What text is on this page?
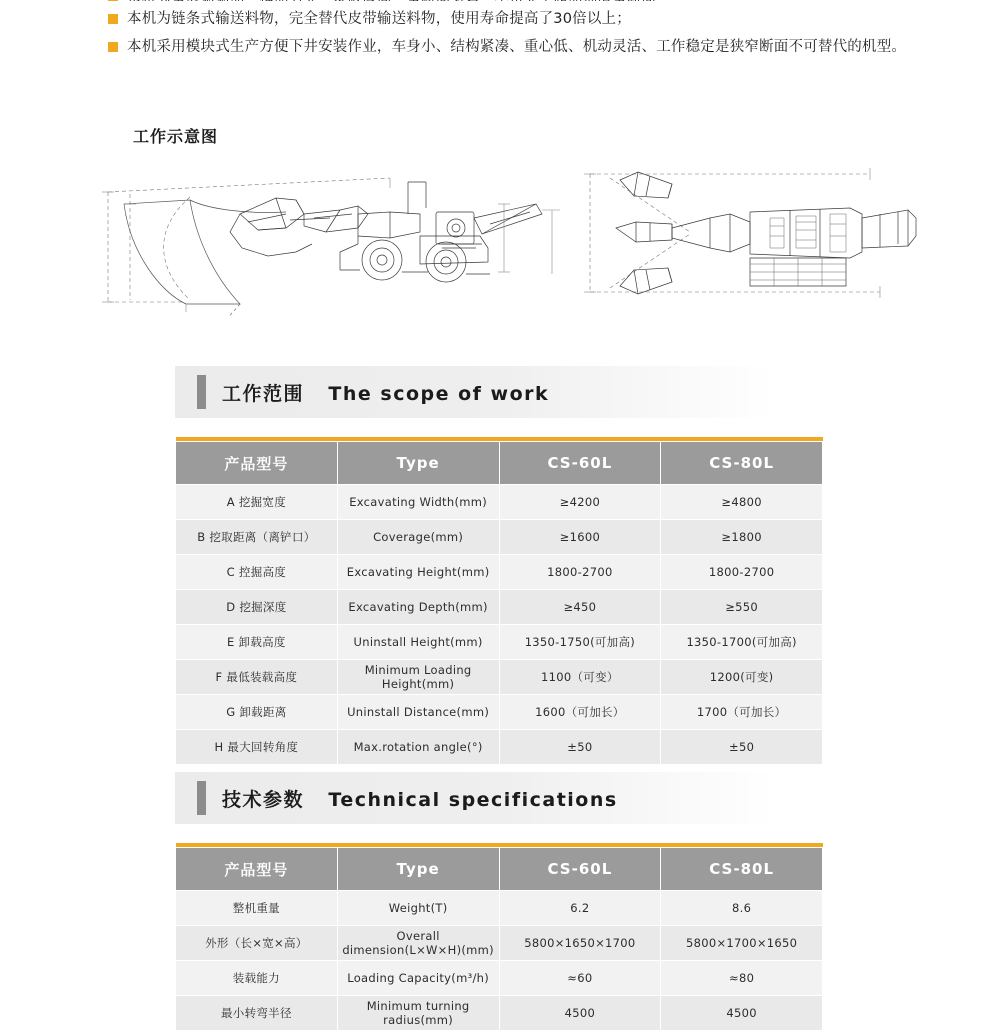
本机为链条式输送料物，完全替代皮带输送料物，使用寿命提高了30倍以上；
本机采用模块式生产方便下井安装作业，车身小、结构紧凑、重心低、机动灵活、工作稳定是狭窄断面不可替代的机型。
工作示意图
工作范围 The scope of work

产品型号	Type	CS-60L	CS-80L
A 挖掘宽度	Excavating Width(mm)	≥4200	≥4800
B 挖取距离（离铲口）	Coverage(mm)	≥1600	≥1800
C 控掘高度	Excavating Height(mm)	1800-2700	1800-2700
D 挖掘深度	Excavating Depth(mm)	≥450	≥550
E 卸载高度	Uninstall Height(mm)	1350-1750(可加高)	1350-1700(可加高)
F 最低装载高度	Minimum Loading Height(mm)	1100（可变）	1200(可变)
G 卸载距离	Uninstall Distance(mm)	1600（可加长）	1700（可加长）
H 最大回转角度	Max.rotation angle(°)	±50	±50
技术参数 Technical specifications

产品型号	Type	CS-60L	CS-80L
整机重量	Weight(T)	6.2	8.6
外形（长×宽×高）	Overall dimension(L×W×H)(mm)	5800×1650×1700	5800×1700×1650
装载能力	Loading Capacity(m³/h)	≈60	≈80
最小转弯半径	Minimum turning radius(mm)	4500	4500
